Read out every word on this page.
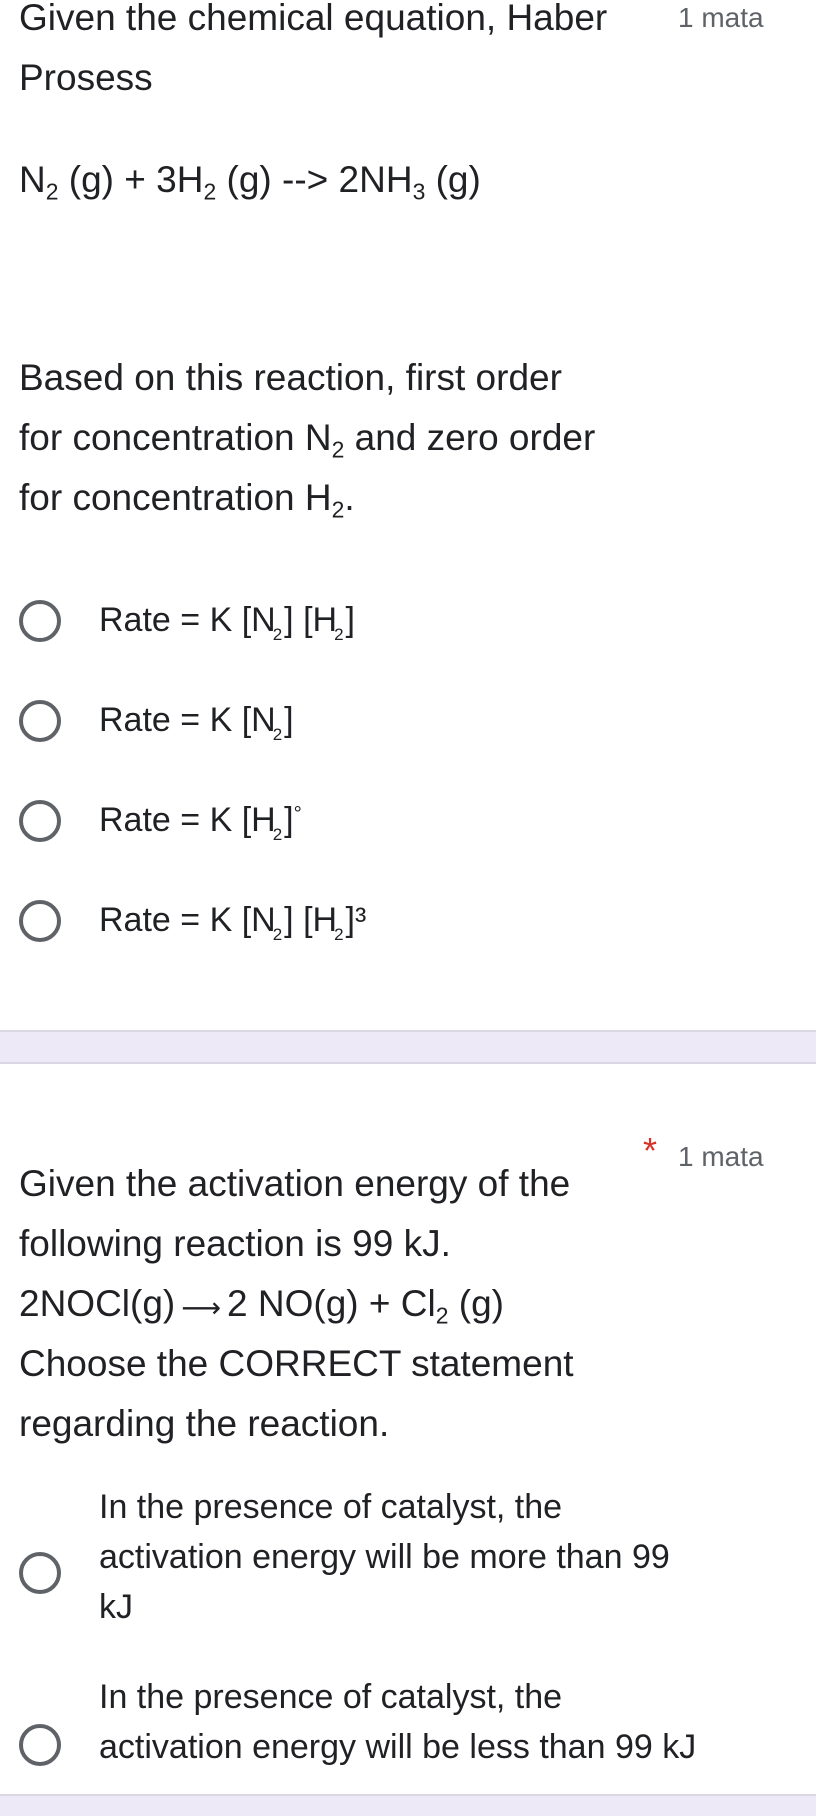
Given the chemical equation, Haber Prosess
1 mata
$N_2$ $(g) + 3H_2$ (g) --> $2NH_3$ (g)
Based on this reaction, first order
for concentration $N_2$ and zero order
for concentration $H_2$.
Rate = K $[N_2]$ $[H_2]$
Rate = K $[N_2]$
Rate = K $[H_2]^\circ$
Rate = K $[N_2]$ $[H_2]^3$
Given the activation energy of the
* 1 mata
following reaction is 99 kJ.
2NOCl(g) ⟶ 2 $NO(g) + Cl_2$ (g)
Choose the CORRECT statement
regarding the reaction.
In the presence of catalyst, the
activation energy will be more than 99
kJ
In the presence of catalyst, the
activation energy will be less than 99 kJ
